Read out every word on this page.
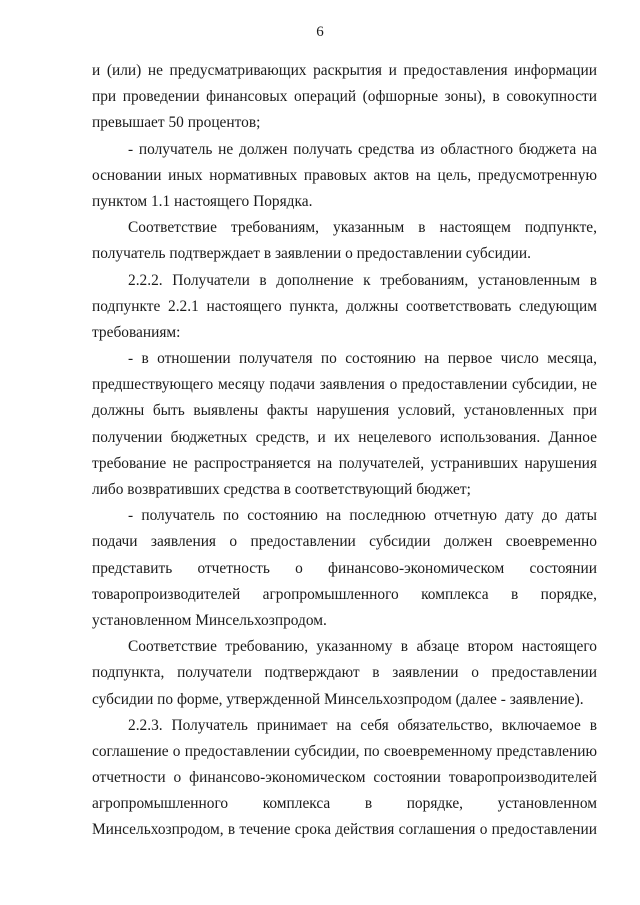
6
и (или) не предусматривающих раскрытия и предоставления информации
при проведении финансовых операций (офшорные зоны), в совокупности
превышает 50 процентов;
- получатель не должен получать средства из областного бюджета на
основании иных нормативных правовых актов на цель, предусмотренную
пунктом 1.1 настоящего Порядка.
Соответствие требованиям, указанным в настоящем подпункте,
получатель подтверждает в заявлении о предоставлении субсидии.
2.2.2. Получатели в дополнение к требованиям, установленным в
подпункте 2.2.1 настоящего пункта, должны соответствовать следующим
требованиям:
- в отношении получателя по состоянию на первое число месяца,
предшествующего месяцу подачи заявления о предоставлении субсидии, не
должны быть выявлены факты нарушения условий, установленных при
получении бюджетных средств, и их нецелевого использования. Данное
требование не распространяется на получателей, устранивших нарушения
либо возвративших средства в соответствующий бюджет;
- получатель по состоянию на последнюю отчетную дату до даты
подачи заявления о предоставлении субсидии должен своевременно
представить отчетность о финансово-экономическом состоянии
товаропроизводителей агропромышленного комплекса в порядке,
установленном Минсельхозпродом.
Соответствие требованию, указанному в абзаце втором настоящего
подпункта, получатели подтверждают в заявлении о предоставлении
субсидии по форме, утвержденной Минсельхозпродом (далее - заявление).
2.2.3. Получатель принимает на себя обязательство, включаемое в
соглашение о предоставлении субсидии, по своевременному представлению
отчетности о финансово-экономическом состоянии товаропроизводителей
агропромышленного комплекса в порядке, установленном
Минсельхозпродом, в течение срока действия соглашения о предоставлении
